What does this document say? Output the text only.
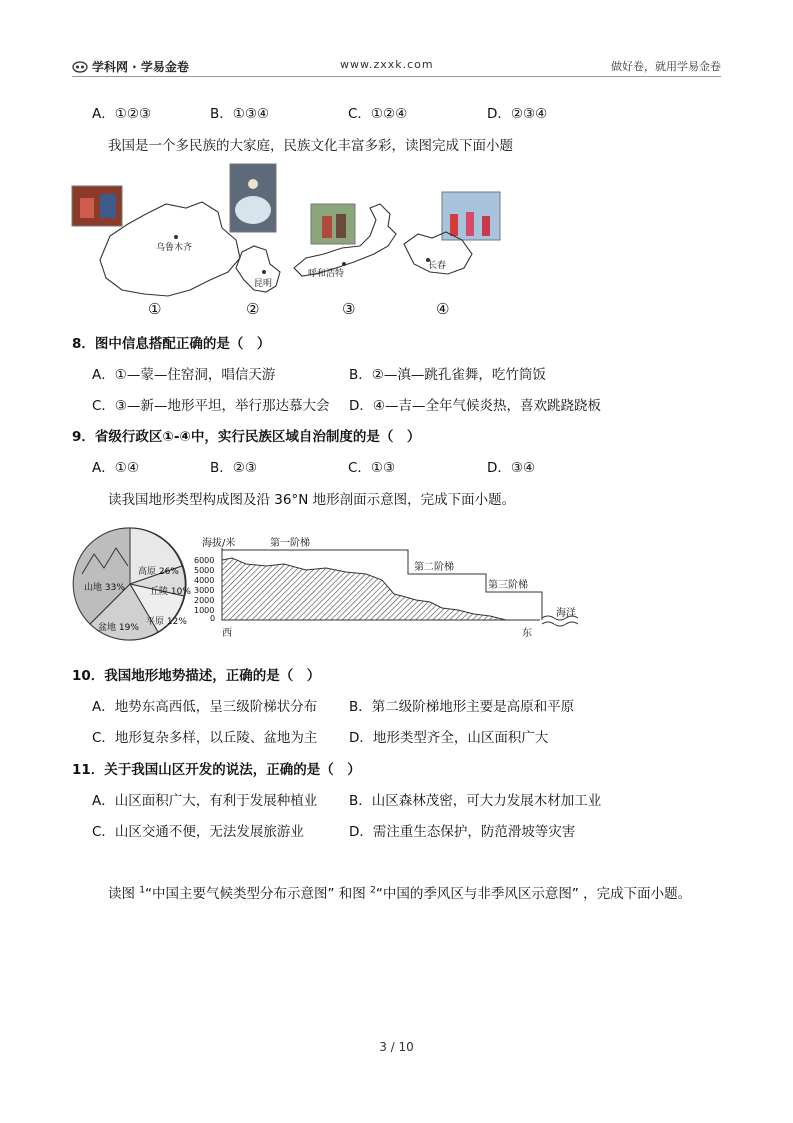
学科网 · 学易金卷	www.zxxk.com	做好卷，就用学易金卷
A．①②③	B．①③④	C．①②④	D．②③④
我国是一个多民族的大家庭，民族文化丰富多彩，读图完成下面小题
乌鲁木齐
昆明
呼和浩特
长春
①	②	③	④
8．图中信息搭配正确的是（　）
A．①—蒙—住窑洞，唱信天游	B．②—滇—跳孔雀舞，吃竹筒饭
C．③—新—地形平坦，举行那达慕大会 D．④—吉—全年气候炎热，喜欢跳跷跷板
9．省级行政区①-④中，实行民族区域自治制度的是（　）
A．①④	B．②③	C．①③	D．③④
读我国地形类型构成图及沿 36°N 地形剖面示意图，完成下面小题。
高原 26%
山地 33%	丘陵 10%
盆地 19%
平原 12%
海拔/米
6000
5000
4000
3000
2000
1000
0
第一阶梯
第二阶梯
第三阶梯
海洋
西	东
10．我国地形地势描述，正确的是（　）
A．地势东高西低，呈三级阶梯状分布 B．第二级阶梯地形主要是高原和平原
C．地形复杂多样，以丘陵、盆地为主 D．地形类型齐全，山区面积广大
11．关于我国山区开发的说法，正确的是（　）
A．山区面积广大，有利于发展种植业 B．山区森林茂密，可大力发展木材加工业
C．山区交通不便，无法发展旅游业	D．需注重生态保护，防范滑坡等灾害
读图 $^1$“中国主要气候类型分布示意图” 和图 $^2$“中国的季风区与非季风区示意图” ，完成下面小题。
3 / 10
